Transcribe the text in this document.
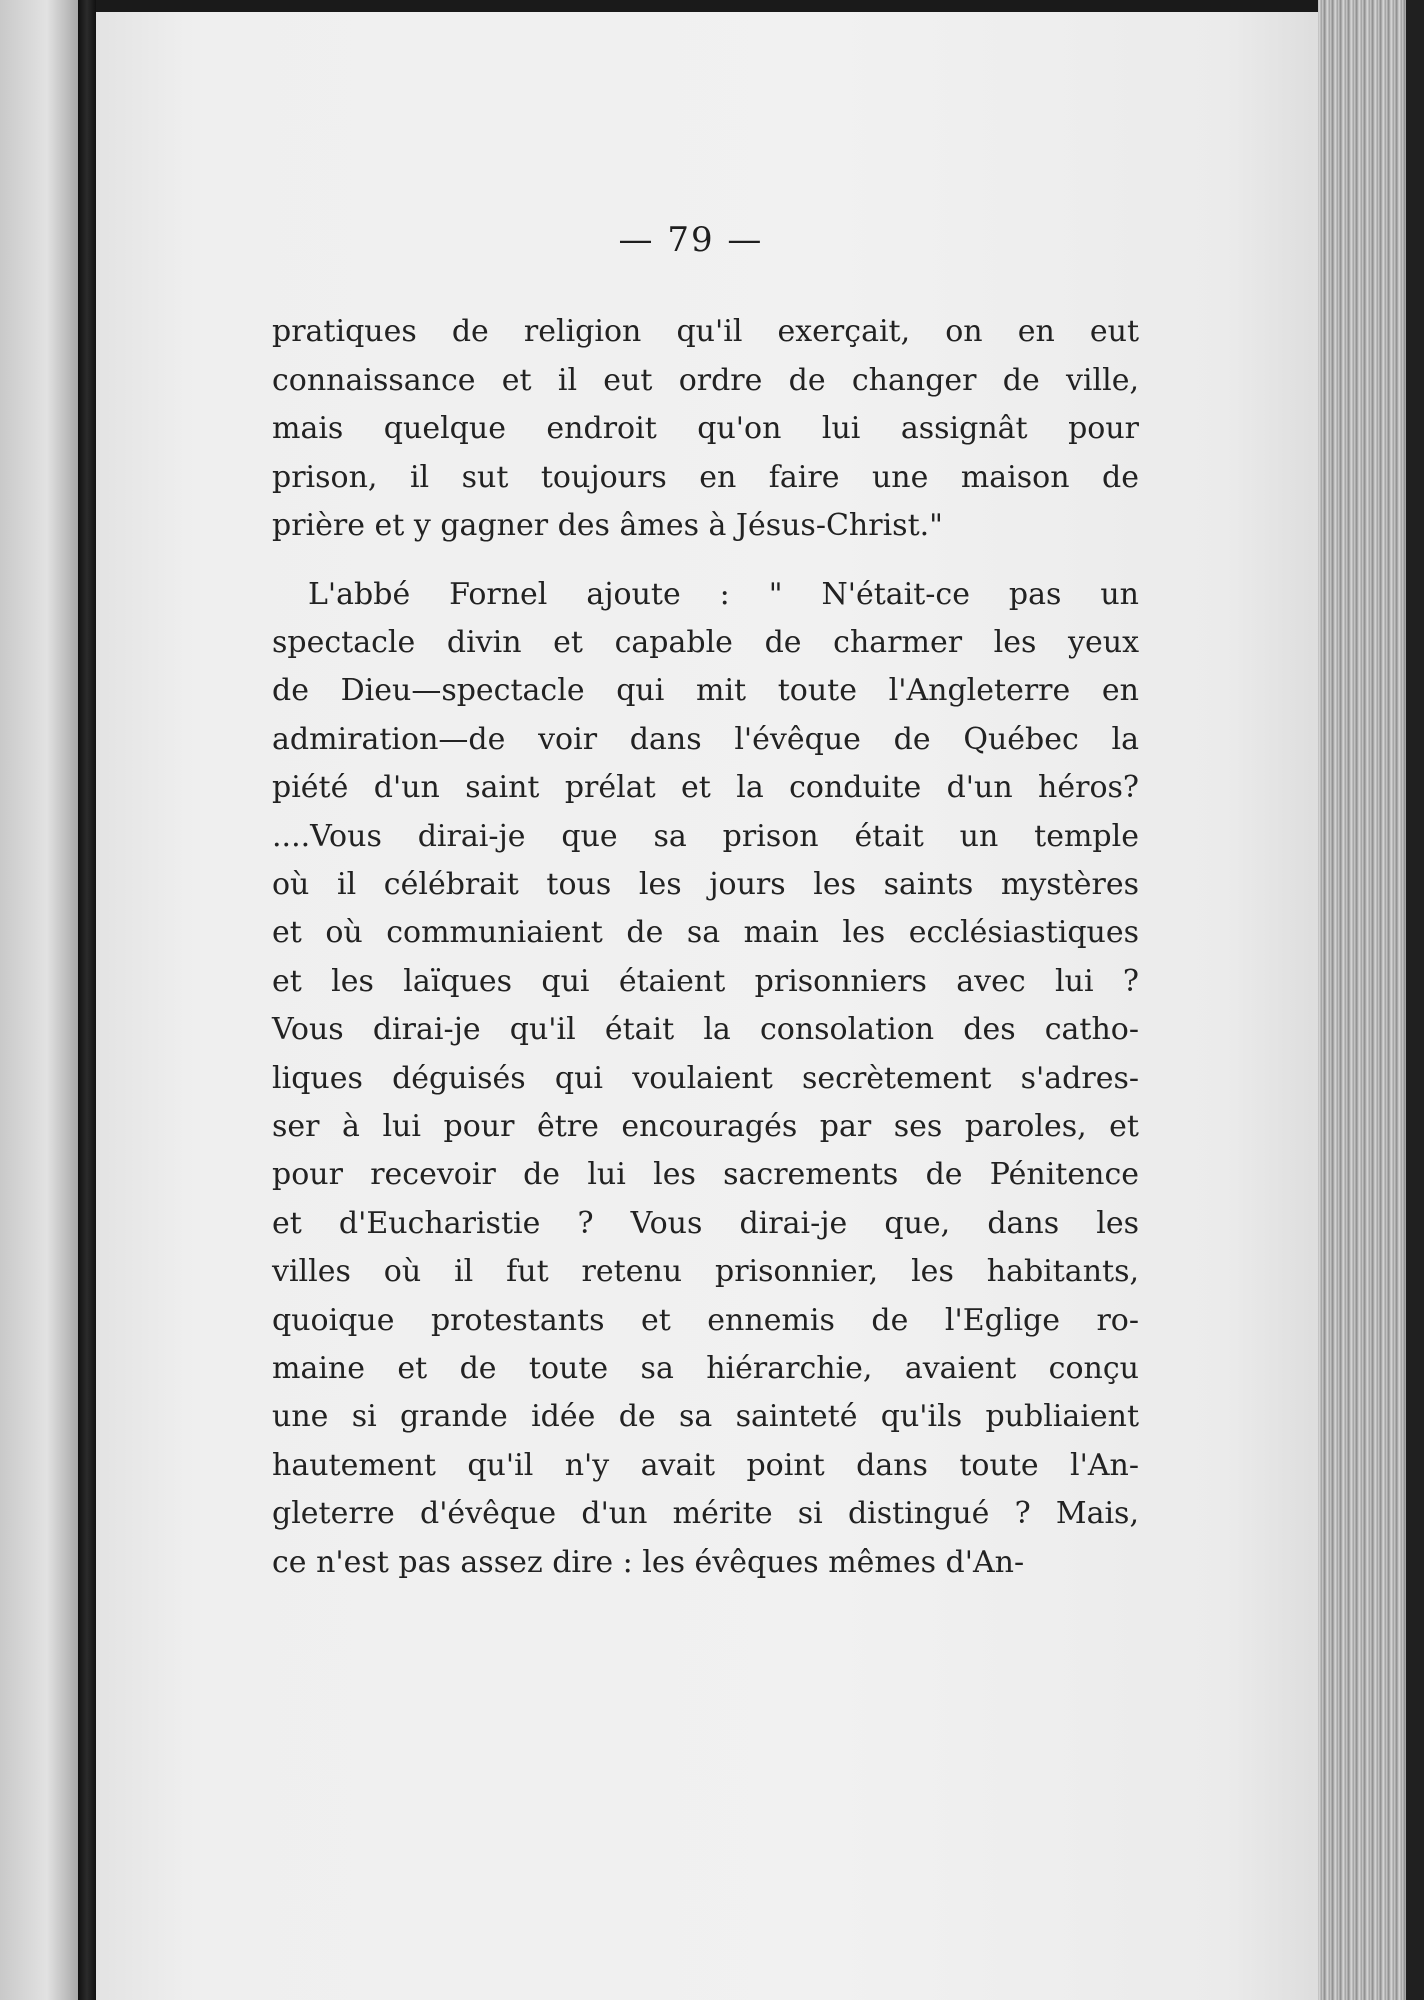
— 79 —

pratiques de religion qu'il exerçait, on en eut
connaissance et il eut ordre de changer de ville,
mais quelque endroit qu'on lui assignât pour
prison, il sut toujours en faire une maison de
prière et y gagner des âmes à Jésus-Christ."

L'abbé Fornel ajoute : " N'était-ce pas un
spectacle divin et capable de charmer les yeux
de Dieu—spectacle qui mit toute l'Angleterre en
admiration—de voir dans l'évêque de Québec la
piété d'un saint prélat et la conduite d'un héros?
....Vous dirai-je que sa prison était un temple
où il célébrait tous les jours les saints mystères
et où communiaient de sa main les ecclésiastiques
et les laïques qui étaient prisonniers avec lui ?
Vous dirai-je qu'il était la consolation des catho-
liques déguisés qui voulaient secrètement s'adres-
ser à lui pour être encouragés par ses paroles, et
pour recevoir de lui les sacrements de Pénitence
et d'Eucharistie ? Vous dirai-je que, dans les
villes où il fut retenu prisonnier, les habitants,
quoique protestants et ennemis de l'Eglige ro-
maine et de toute sa hiérarchie, avaient conçu
une si grande idée de sa sainteté qu'ils publiaient
hautement qu'il n'y avait point dans toute l'An-
gleterre d'évêque d'un mérite si distingué ? Mais,
ce n'est pas assez dire : les évêques mêmes d'An-
